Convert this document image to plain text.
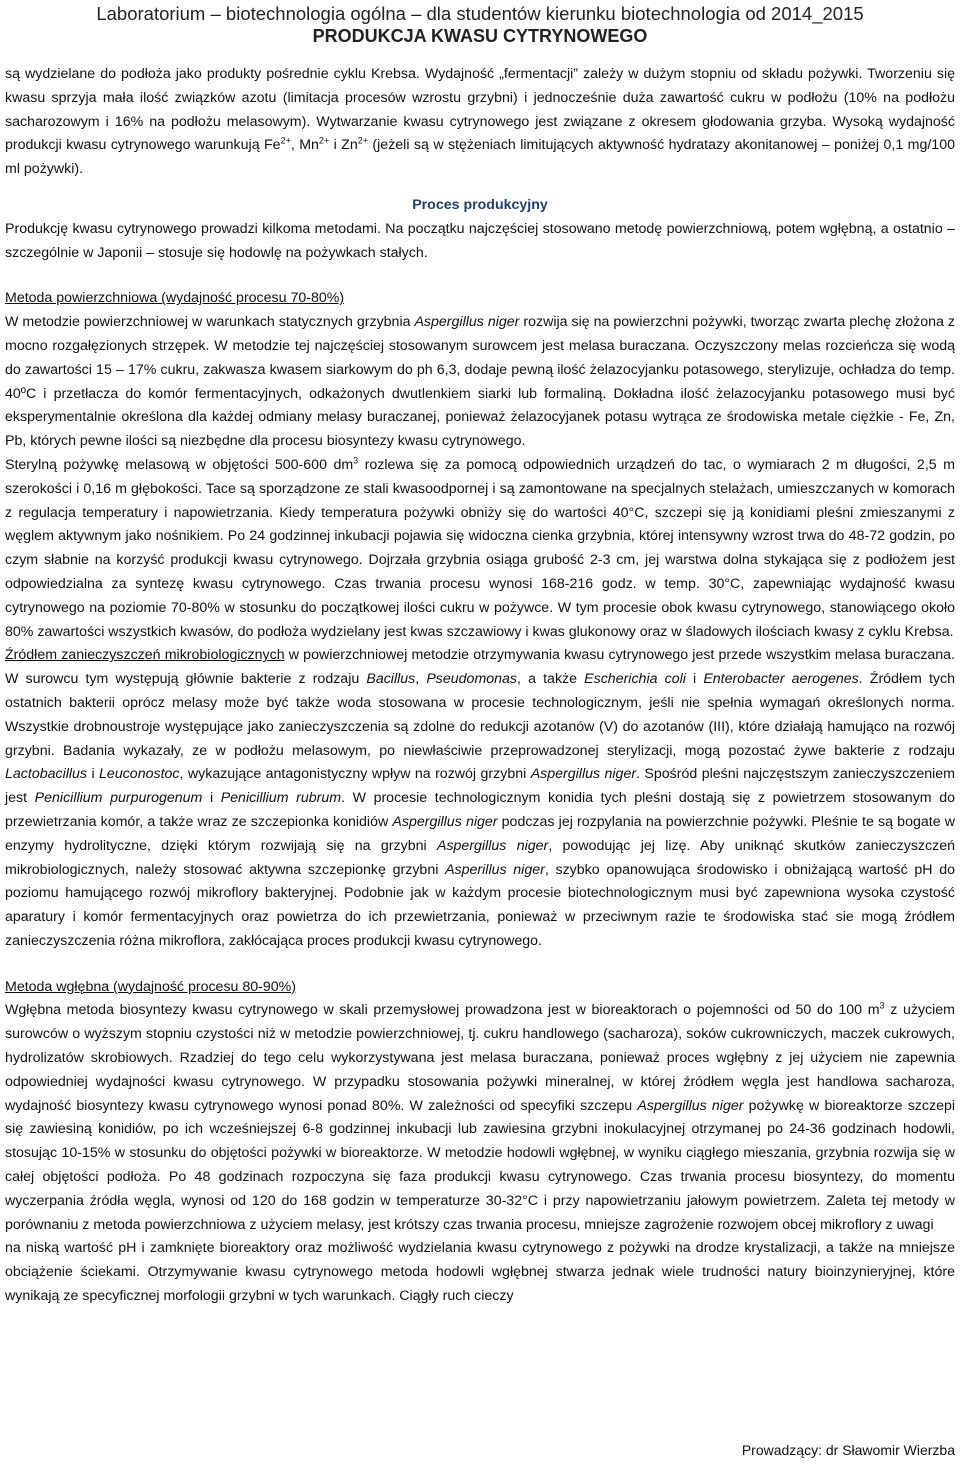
Laboratorium – biotechnologia ogólna – dla studentów kierunku biotechnologia od 2014_2015
PRODUKCJA KWASU CYTRYNOWEGO

są wydzielane do podłoża jako produkty pośrednie cyklu Krebsa. Wydajność „fermentacji” zależy w dużym stopniu od składu pożywki. Tworzeniu się kwasu sprzyja mała ilość związków azotu (limitacja procesów wzrostu grzybni) i jednocześnie duża zawartość cukru w podłożu (10% na podłożu sacharozowym i 16% na podłożu melasowym). Wytwarzanie kwasu cytrynowego jest związane z okresem głodowania grzyba. Wysoką wydajność produkcji kwasu cytrynowego warunkują $Fe^{2+}$, $Mn^{2+}$ i $Zn^{2+}$ (jeżeli są w stężeniach limitujących aktywność hydratazy akonitanowej – poniżej 0,1 mg/100 ml pożywki).

Proces produkcyjny

Produkcję kwasu cytrynowego prowadzi kilkoma metodami. Na początku najczęściej stosowano metodę powierzchniową, potem wgłębną, a ostatnio – szczególnie w Japonii – stosuje się hodowlę na pożywkach stałych.

Metoda powierzchniowa (wydajność procesu 70-80%)

W metodzie powierzchniowej w warunkach statycznych grzybnia Aspergillus niger rozwija się na powierzchni pożywki, tworząc zwarta plechę złożona z mocno rozgałęzionych strzępek. W metodzie tej najczęściej stosowanym surowcem jest melasa buraczana. Oczyszczony melas rozcieńcza się wodą do zawartości 15 – 17% cukru, zakwasza kwasem siarkowym do ph 6,3, dodaje pewną ilość żelazocyjanku potasowego, sterylizuje, ochładza do temp. 40ºC i przetłacza do komór fermentacyjnych, odkażonych dwutlenkiem siarki lub formaliną. Dokładna ilość żelazocyjanku potasowego musi być eksperymentalnie określona dla każdej odmiany melasy buraczanej, ponieważ żelazocyjanek potasu wytrąca ze środowiska metale ciężkie - Fe, Zn, Pb, których pewne ilości są niezbędne dla procesu biosyntezy kwasu cytrynowego.

Sterylną pożywkę melasową w objętości 500-600 $dm^3$ rozlewa się za pomocą odpowiednich urządzeń do tac, o wymiarach 2 m długości, 2,5 m szerokości i 0,16 m głębokości. Tace są sporządzone ze stali kwasoodpornej i są zamontowane na specjalnych stelażach, umieszczanych w komorach z regulacja temperatury i napowietrzania. Kiedy temperatura pożywki obniży się do wartości 40°C, szczepi się ją konidiami pleśni zmieszanymi z węglem aktywnym jako nośnikiem. Po 24 godzinnej inkubacji pojawia się widoczna cienka grzybnia, której intensywny wzrost trwa do 48-72 godzin, po czym słabnie na korzyść produkcji kwasu cytrynowego. Dojrzała grzybnia osiąga grubość 2-3 cm, jej warstwa dolna stykająca się z podłożem jest odpowiedzialna za syntezę kwasu cytrynowego. Czas trwania procesu wynosi 168-216 godz. w temp. 30°C, zapewniając wydajność kwasu cytrynowego na poziomie 70-80% w stosunku do początkowej ilości cukru w pożywce. W tym procesie obok kwasu cytrynowego, stanowiącego około 80% zawartości wszystkich kwasów, do podłoża wydzielany jest kwas szczawiowy i kwas glukonowy oraz w śladowych ilościach kwasy z cyklu Krebsa.

Źródłem zanieczyszczeń mikrobiologicznych w powierzchniowej metodzie otrzymywania kwasu cytrynowego jest przede wszystkim melasa buraczana. W surowcu tym występują głównie bakterie z rodzaju Bacillus, Pseudomonas, a także Escherichia coli i Enterobacter aerogenes. Źródłem tych ostatnich bakterii oprócz melasy może być także woda stosowana w procesie technologicznym, jeśli nie spełnia wymagań określonych norma. Wszystkie drobnoustroje występujące jako zanieczyszczenia są zdolne do redukcji azotanów (V) do azotanów (III), które działają hamująco na rozwój grzybni. Badania wykazały, ze w podłożu melasowym, po niewłaściwie przeprowadzonej sterylizacji, mogą pozostać żywe bakterie z rodzaju Lactobacillus i Leuconostoc, wykazujące antagonistyczny wpływ na rozwój grzybni Aspergillus niger. Spośród pleśni najczęstszym zanieczyszczeniem jest Penicillium purpurogenum i Penicillium rubrum. W procesie technologicznym konidia tych pleśni dostają się z powietrzem stosowanym do przewietrzania komór, a także wraz ze szczepionka konidiów Aspergillus niger podczas jej rozpylania na powierzchnie pożywki. Pleśnie te są bogate w enzymy hydrolityczne, dzięki którym rozwijają się na grzybni Aspergillus niger, powodując jej lizę. Aby uniknąć skutków zanieczyszczeń mikrobiologicznych, należy stosować aktywna szczepionkę grzybni Asperillus niger, szybko opanowująca środowisko i obniżającą wartość pH do poziomu hamującego rozwój mikroflory bakteryjnej. Podobnie jak w każdym procesie biotechnologicznym musi być zapewniona wysoka czystość aparatury i komór fermentacyjnych oraz powietrza do ich przewietrzania, ponieważ w przeciwnym razie te środowiska stać sie mogą źródłem zanieczyszczenia różna mikroflora, zakłócająca proces produkcji kwasu cytrynowego.

Metoda wgłębna (wydajność procesu 80-90%)

Wgłębna metoda biosyntezy kwasu cytrynowego w skali przemysłowej prowadzona jest w bioreaktorach o pojemności od 50 do 100 $m^3$ z użyciem surowców o wyższym stopniu czystości niż w metodzie powierzchniowej, tj. cukru handlowego (sacharoza), soków cukrowniczych, maczek cukrowych, hydrolizatów skrobiowych. Rzadziej do tego celu wykorzystywana jest melasa buraczana, ponieważ proces wgłębny z jej użyciem nie zapewnia odpowiedniej wydajności kwasu cytrynowego. W przypadku stosowania pożywki mineralnej, w której źródłem węgla jest handlowa sacharoza, wydajność biosyntezy kwasu cytrynowego wynosi ponad 80%. W zależności od specyfiki szczepu Aspergillus niger pożywkę w bioreaktorze szczepi się zawiesiną konidiów, po ich wcześniejszej 6-8 godzinnej inkubacji lub zawiesina grzybni inokulacyjnej otrzymanej po 24-36 godzinach hodowli, stosując 10-15% w stosunku do objętości pożywki w bioreaktorze. W metodzie hodowli wgłębnej, w wyniku ciągłego mieszania, grzybnia rozwija się w całej objętości podłoża. Po 48 godzinach rozpoczyna się faza produkcji kwasu cytrynowego. Czas trwania procesu biosyntezy, do momentu wyczerpania źródła węgla, wynosi od 120 do 168 godzin w temperaturze 30-32°C i przy napowietrzaniu jałowym powietrzem. Zaleta tej metody w porównaniu z metoda powierzchniowa z użyciem melasy, jest krótszy czas trwania procesu, mniejsze zagrożenie rozwojem obcej mikroflory z uwagi

na niską wartość pH i zamknięte bioreaktory oraz możliwość wydzielania kwasu cytrynowego z pożywki na drodze krystalizacji, a także na mniejsze obciążenie ściekami. Otrzymywanie kwasu cytrynowego metoda hodowli wgłębnej stwarza jednak wiele trudności natury bioinzynieryjnej, które wynikają ze specyficznej morfologii grzybni w tych warunkach. Ciągły ruch cieczy

Prowadzący: dr Sławomir Wierzba
